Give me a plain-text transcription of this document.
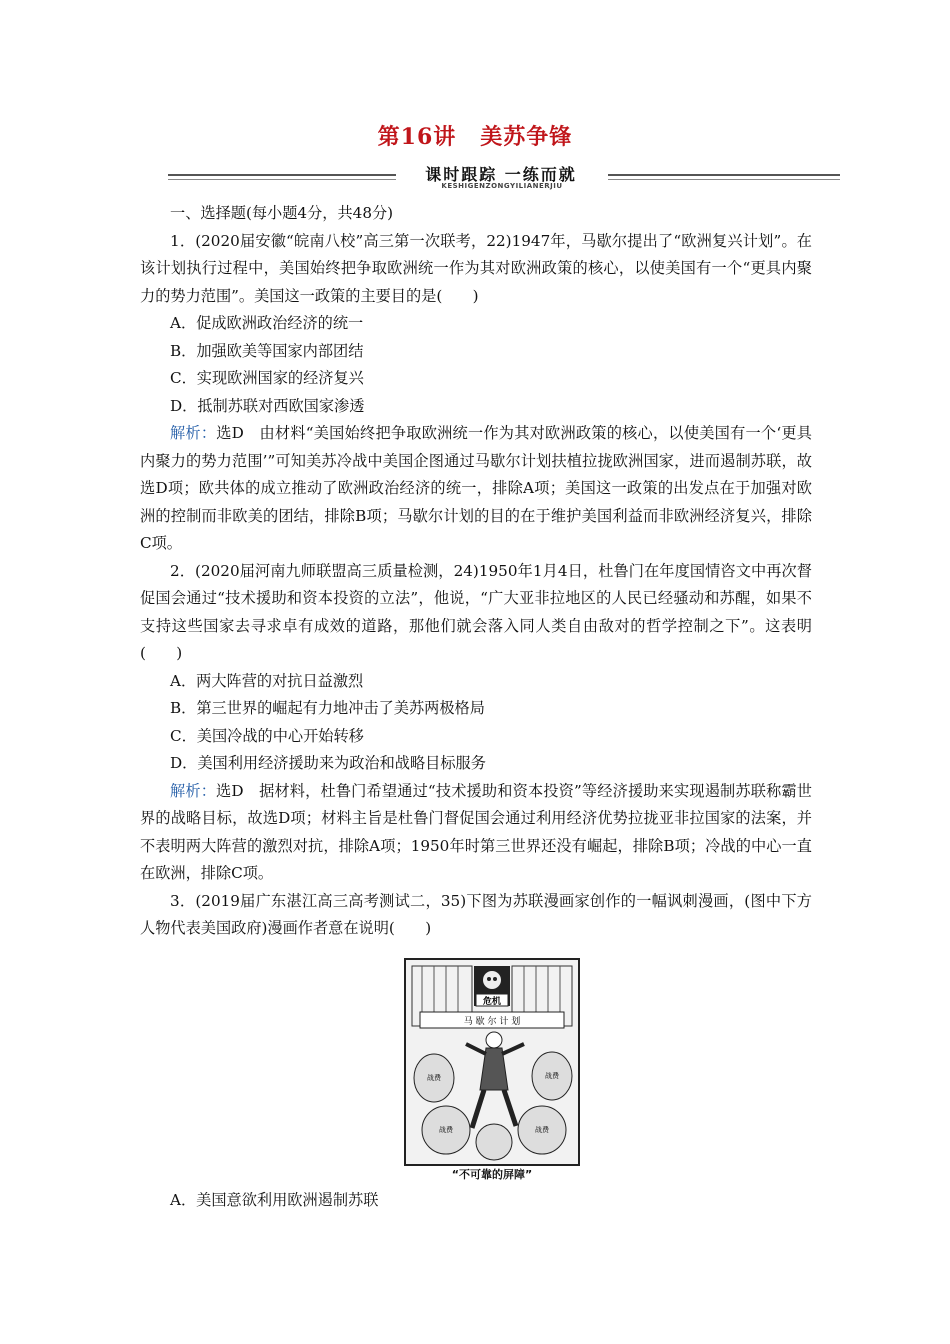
第16讲 美苏争锋
课时跟踪 一练而就
KESHIGENZONGYILIANERJIU

一、选择题(每小题4分，共48分)

1．(2020届安徽“皖南八校”高三第一次联考，22)1947年，马歇尔提出了“欧洲复兴计划”。在该计划执行过程中，美国始终把争取欧洲统一作为其对欧洲政策的核心，以使美国有一个“更具内聚力的势力范围”。美国这一政策的主要目的是(　　)

A．促成欧洲政治经济的统一

B．加强欧美等国家内部团结

C．实现欧洲国家的经济复兴

D．抵制苏联对西欧国家渗透

解析：选D　由材料“美国始终把争取欧洲统一作为其对欧洲政策的核心，以使美国有一个‘更具内聚力的势力范围’”可知美苏冷战中美国企图通过马歇尔计划扶植拉拢欧洲国家，进而遏制苏联，故选D项；欧共体的成立推动了欧洲政治经济的统一，排除A项；美国这一政策的出发点在于加强对欧洲的控制而非欧美的团结，排除B项；马歇尔计划的目的在于维护美国利益而非欧洲经济复兴，排除C项。

2．(2020届河南九师联盟高三质量检测，24)1950年1月4日，杜鲁门在年度国情咨文中再次督促国会通过“技术援助和资本投资的立法”，他说，“广大亚非拉地区的人民已经骚动和苏醒，如果不支持这些国家去寻求卓有成效的道路，那他们就会落入同人类自由敌对的哲学控制之下”。这表明(　　)

A．两大阵营的对抗日益激烈

B．第三世界的崛起有力地冲击了美苏两极格局

C．美国冷战的中心开始转移

D．美国利用经济援助来为政治和战略目标服务

解析：选D　据材料，杜鲁门希望通过“技术援助和资本投资”等经济援助来实现遏制苏联称霸世界的战略目标，故选D项；材料主旨是杜鲁门督促国会通过利用经济优势拉拢亚非拉国家的法案，并不表明两大阵营的激烈对抗，排除A项；1950年时第三世界还没有崛起，排除B项；冷战的中心一直在欧洲，排除C项。

3．(2019届广东湛江高三高考测试二，35)下图为苏联漫画家创作的一幅讽刺漫画，(图中下方人物代表美国政府)漫画作者意在说明(　　)

危机
马 歇 尔 计 划
战费	战费
战费	战费
“不可靠的屏障”

A．美国意欲利用欧洲遏制苏联
